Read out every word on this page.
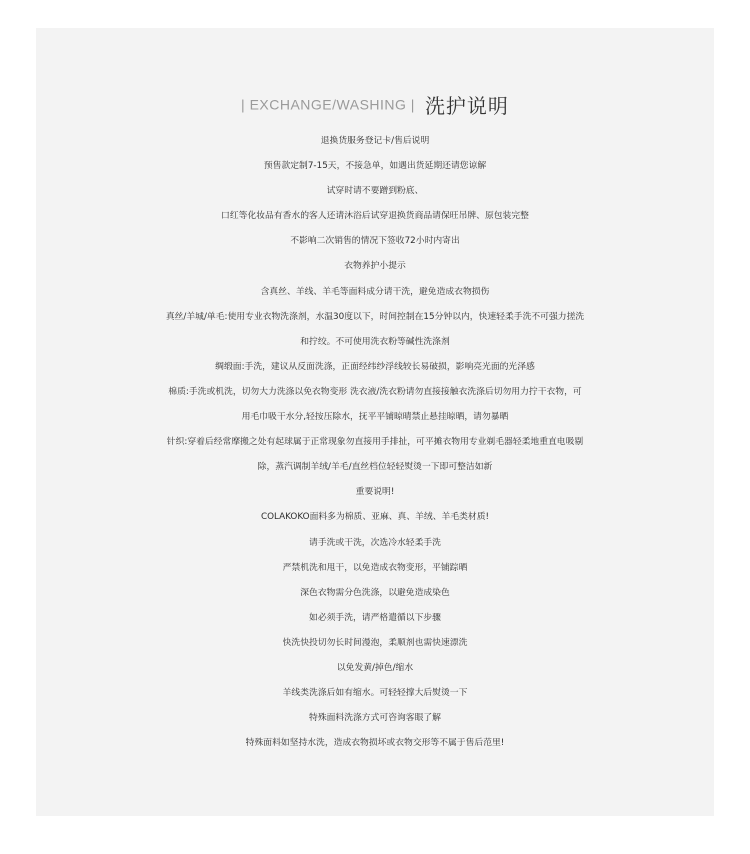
| EXCHANGE/WASHING | 洗护说明
退换货服务登记卡/售后说明
预售款定制7-15天，不接急单，如遇出货延期还请您谅解
试穿时请不要蹭到粉底、
口红等化妆品有香水的客人还请沐浴后试穿退换货商品请保旺吊牌、原包装完整
不影响二次销售的情况下签收72小时内寄出
衣物养护小提示
含真丝、羊线、羊毛等面料成分请干洗，避免造成衣物损伤
真丝/羊城/单毛:使用专业衣物洗涤剂，水温30度以下，时间控制在15分钟以内，快速轻柔手洗不可强力搓洗
和拧绞。不可使用洗衣粉等碱性洗涤剂
绸缎面:手洗，建议从反面洗涤，正面经纬纱浮线较长易破损，影响亮光面的光泽感
棉质:手洗或机洗，切勿大力洗涤以免衣物变形 洗衣液/洗衣粉请勿直接接触衣洗涤后切勿用力拧干衣物，可
用毛巾吸干水分,轻按压除水，抚平平铺晾晴禁止悬挂晾晒，请勿暴晒
针织:穿着后经常摩搬之处有起球属于正常现象勿直接用手排扯，可平摊衣物用专业剃毛器轻柔地重直电吸剔
除，蒸汽调制羊绒/羊毛/直丝档位轻轻熨烫一下即可整洁如新
重要说明!
COLAKOKO面料多为棉质、亚麻、真、羊绒、羊毛类材质!
请手洗或干洗，次选冷水轻柔手洗
严禁机洗和甩干，以免造成衣物变形，平铺踪晒
深色衣物需分色洗涤，以避免造成染色
如必须手洗，请严格遣循以下步骤
快洗快投切勿长时间漫泡，柔顺剂也需快速漂洗
以免发黄/掉色/缩水
羊线类洗涤后如有缩水。可轻轻撑大后熨烫一下
特殊面料洗涤方式可咨询客眼了解
特殊面料如坚持水洗，造成衣物损坏或衣物交形等不属于售后范里!
